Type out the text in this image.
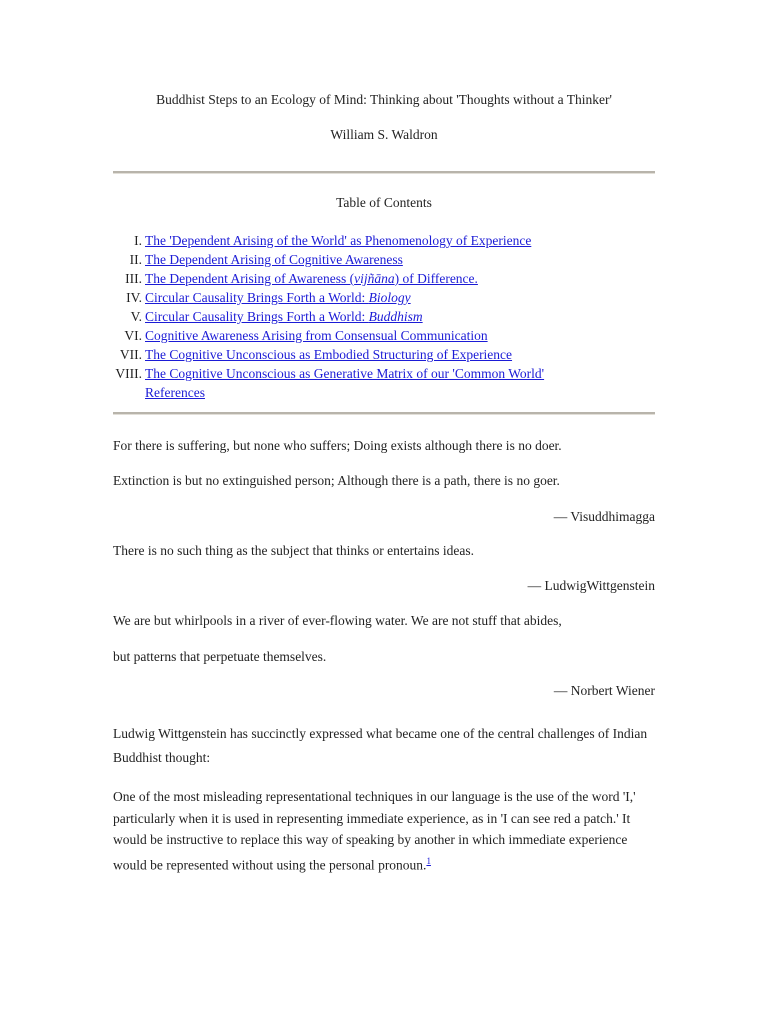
Buddhist Steps to an Ecology of Mind: Thinking about 'Thoughts without a Thinker'
William S. Waldron
Table of Contents
I. The 'Dependent Arising of the World' as Phenomenology of Experience
II. The Dependent Arising of Cognitive Awareness
III. The Dependent Arising of Awareness (vijñāna) of Difference.
IV. Circular Causality Brings Forth a World: Biology
V. Circular Causality Brings Forth a World: Buddhism
VI. Cognitive Awareness Arising from Consensual Communication
VII. The Cognitive Unconscious as Embodied Structuring of Experience
VIII. The Cognitive Unconscious as Generative Matrix of our 'Common World'
References
For there is suffering, but none who suffers; Doing exists although there is no doer.
Extinction is but no extinguished person; Although there is a path, there is no goer.
— Visuddhimagga
There is no such thing as the subject that thinks or entertains ideas.
— LudwigWittgenstein
We are but whirlpools in a river of ever-flowing water. We are not stuff that abides,
but patterns that perpetuate themselves.
— Norbert Wiener
Ludwig Wittgenstein has succinctly expressed what became one of the central challenges of Indian Buddhist thought:
One of the most misleading representational techniques in our language is the use of the word 'I,' particularly when it is used in representing immediate experience, as in 'I can see red a patch.' It would be instructive to replace this way of speaking by another in which immediate experience would be represented without using the personal pronoun.$^1$
